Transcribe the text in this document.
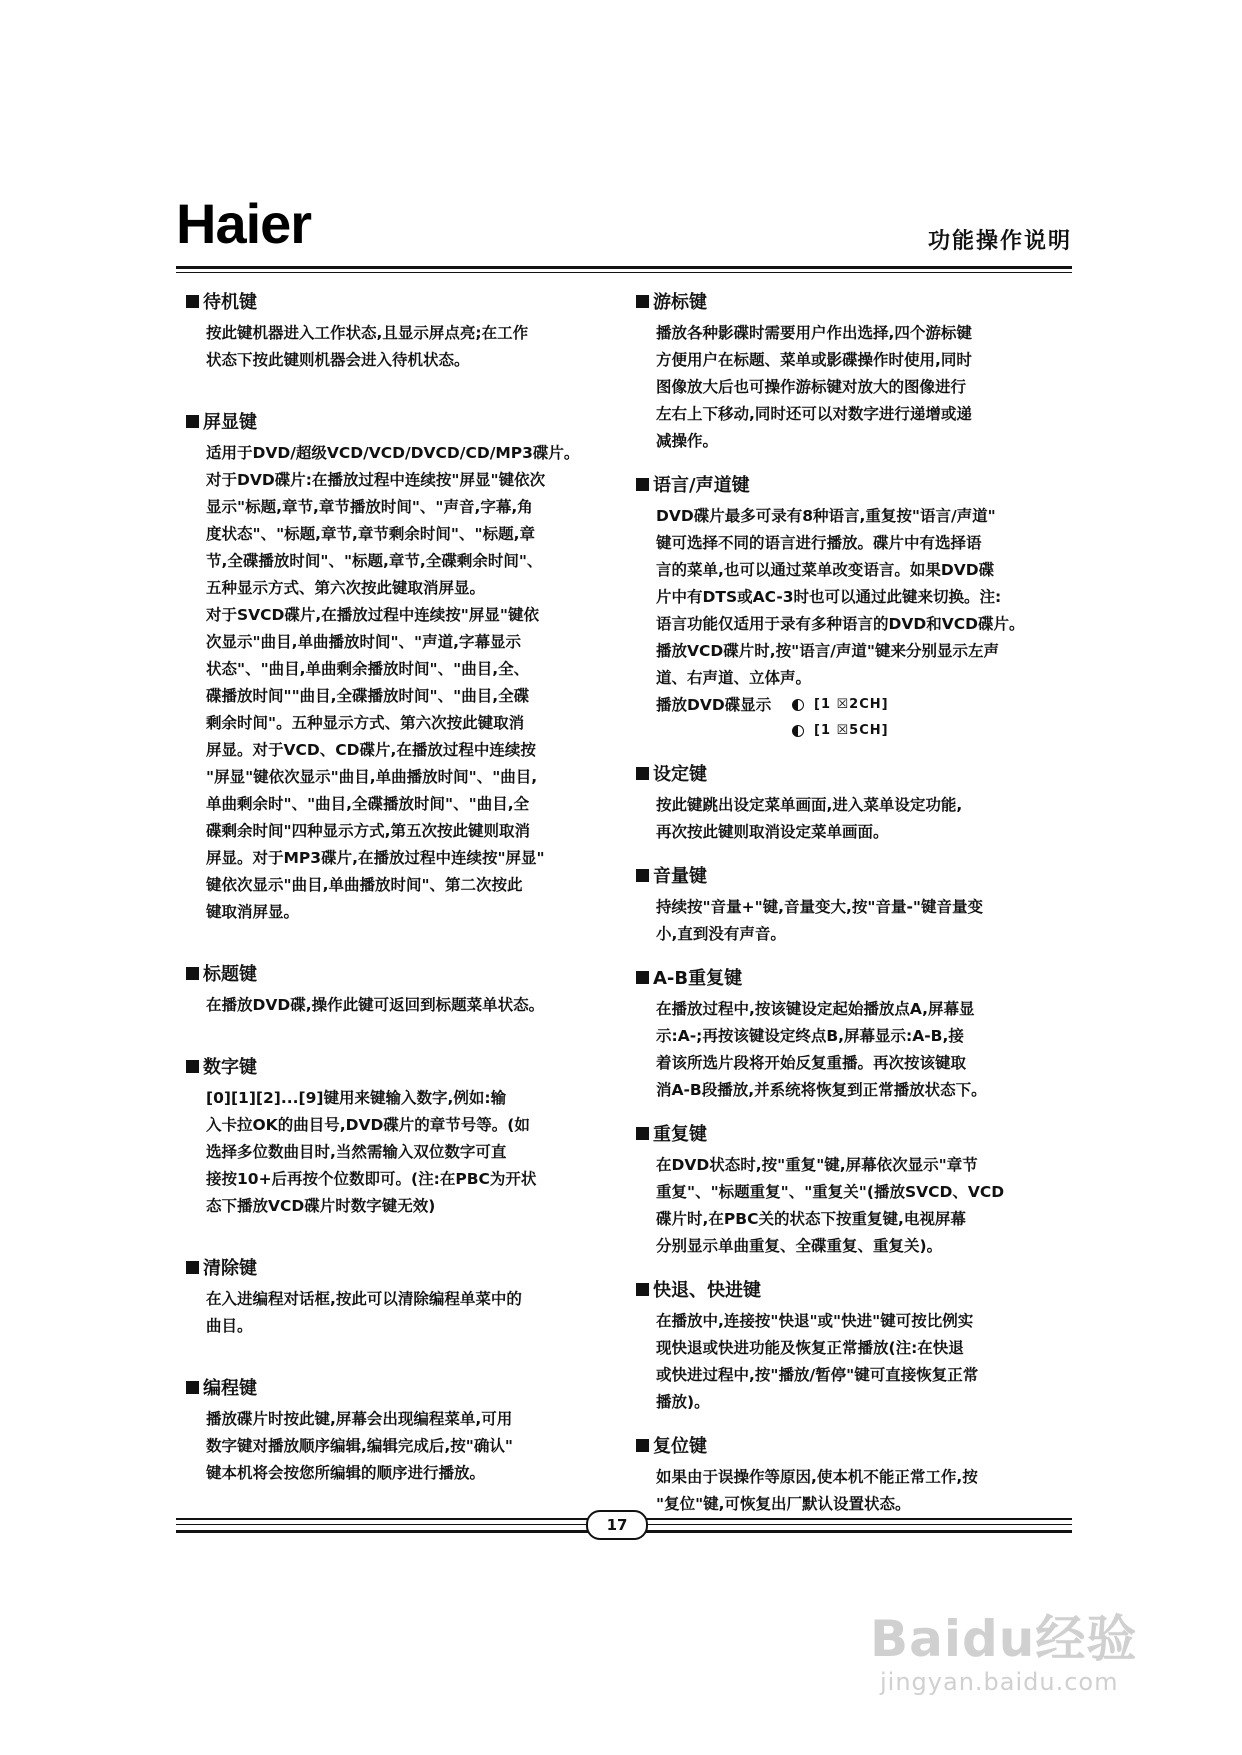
Haier	功能操作说明
待机键
按此键机器进入工作状态,且显示屏点亮;在工作
状态下按此键则机器会进入待机状态。
屏显键
适用于DVD/超级VCD/VCD/DVCD/CD/MP3碟片。
对于DVD碟片:在播放过程中连续按"屏显"键依次
显示"标题,章节,章节播放时间"、"声音,字幕,角
度状态"、"标题,章节,章节剩余时间"、"标题,章
节,全碟播放时间"、"标题,章节,全碟剩余时间"、
五种显示方式、第六次按此键取消屏显。
对于SVCD碟片,在播放过程中连续按"屏显"键依
次显示"曲目,单曲播放时间"、"声道,字幕显示
状态"、"曲目,单曲剩余播放时间"、"曲目,全、
碟播放时间""曲目,全碟播放时间"、"曲目,全碟
剩余时间"。五种显示方式、第六次按此键取消
屏显。对于VCD、CD碟片,在播放过程中连续按
"屏显"键依次显示"曲目,单曲播放时间"、"曲目,
单曲剩余时"、"曲目,全碟播放时间"、"曲目,全
碟剩余时间"四种显示方式,第五次按此键则取消
屏显。对于MP3碟片,在播放过程中连续按"屏显"
键依次显示"曲目,单曲播放时间"、第二次按此
键取消屏显。
标题键
在播放DVD碟,操作此键可返回到标题菜单状态。
数字键
[0][1][2]...[9]键用来键输入数字,例如:输
入卡拉OK的曲目号,DVD碟片的章节号等。(如
选择多位数曲目时,当然需输入双位数字可直
接按10+后再按个位数即可。(注:在PBC为开状
态下播放VCD碟片时数字键无效)
清除键
在入进编程对话框,按此可以清除编程单菜中的
曲目。
编程键
播放碟片时按此键,屏幕会出现编程菜单,可用
数字键对播放顺序编辑,编辑完成后,按"确认"
键本机将会按您所编辑的顺序进行播放。
游标键
播放各种影碟时需要用户作出选择,四个游标键
方便用户在标题、菜单或影碟操作时使用,同时
图像放大后也可操作游标键对放大的图像进行
左右上下移动,同时还可以对数字进行递增或递
减操作。
语言/声道键
DVD碟片最多可录有8种语言,重复按"语言/声道"
键可选择不同的语言进行播放。碟片中有选择语
言的菜单,也可以通过菜单改变语言。如果DVD碟
片中有DTS或AC-3时也可以通过此键来切换。注:
语言功能仅适用于录有多种语言的DVD和VCD碟片。
播放VCD碟片时,按"语言/声道"键来分别显示左声
道、右声道、立体声。
播放DVD碟显示	[1 ☒2CH]
[1 ☒5CH]
设定键
按此键跳出设定菜单画面,进入菜单设定功能,
再次按此键则取消设定菜单画面。
音量键
持续按"音量+"键,音量变大,按"音量-"键音量变
小,直到没有声音。
A-B重复键
在播放过程中,按该键设定起始播放点A,屏幕显
示:A-;再按该键设定终点B,屏幕显示:A-B,接
着该所选片段将开始反复重播。再次按该键取
消A-B段播放,并系统将恢复到正常播放状态下。
重复键
在DVD状态时,按"重复"键,屏幕依次显示"章节
重复"、"标题重复"、"重复关"(播放SVCD、VCD
碟片时,在PBC关的状态下按重复键,电视屏幕
分别显示单曲重复、全碟重复、重复关)。
快退、快进键
在播放中,连接按"快退"或"快进"键可按比例实
现快退或快进功能及恢复正常播放(注:在快退
或快进过程中,按"播放/暂停"键可直接恢复正常
播放)。
复位键
如果由于误操作等原因,使本机不能正常工作,按
"复位"键,可恢复出厂默认设置状态。
17
Baidu经验
jingyan.baidu.com
